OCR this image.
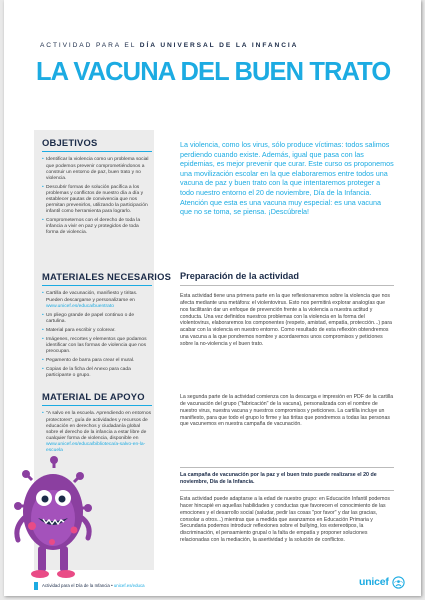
ACTIVIDAD PARA EL DÍA UNIVERSAL DE LA INFANCIA
LA VACUNA DEL BUEN TRATO
OBJETIVOS
• Identificar la violencia como un problema social que podemos prevenir comprometiéndonos a construir un entorno de paz, buen trato y no violencia.
• Descubrir formas de solución pacífica a los problemas y conflictos de nuestro día a día y establecer pautas de convivencia que nos permitan prevenirlos, utilizando la participación infantil como herramienta para lograrlo.
• Comprometernos con el derecho de toda la infancia a vivir en paz y protegidos de toda forma de violencia.
MATERIALES NECESARIOS
• Cartilla de vacunación, manifiesto y tiritas. Pueden descargarse y personalizarse en
www.unicef.es/educa/buentrato
• Un pliego grande de papel continuo o de cartulina.
• Material para escribir y colorear.
• Imágenes, recortes y elementos que podamos identificar con las formas de violencia que nos preocupan.
• Pegamento de barra para crear el mural.
• Copias de la ficha del Anexo para cada participante o grupo.
MATERIAL DE APOYO
• "A salvo en la escuela. Aprendiendo en entornos protectores", guía de actividades y recursos de educación en derechos y ciudadanía global sobre el derecho de la infancia a estar libre de cualquier forma de violencia, disponible en
www.unicef.es/educa/biblioteca/a-salvo-en-la-escuela

La violencia, como los virus, sólo produce víctimas: todos salimos perdiendo cuando existe. Además, igual que pasa con las epidemias, es mejor prevenir que curar. Este curso os proponemos una movilización escolar en la que elaboraremos entre todos una vacuna de paz y buen trato con la que intentaremos proteger a todo nuestro entorno el 20 de noviembre, Día de la Infancia. Atención que esta es una vacuna muy especial: es una vacuna que no se toma, se piensa. ¡Descúbrela!

Preparación de la actividad

Esta actividad tiene una primera parte en la que reflexionaremos sobre la violencia que nos afecta mediante una metáfora: el violentovirus. Esto nos permitirá explorar analogías que nos facilitarán dar un enfoque de prevención frente a la violencia a nuestra actitud y conducta. Una vez definidos nuestros problemas con la violencia en la forma del violentovirus, elaboraremos los componentes (respeto, amistad, empatía, protección...) para acabar con la violencia en nuestro entorno. Como resultado de esta reflexión obtendremos una vacuna a la que pondremos nombre y acordaremos unos compromisos y peticiones sobre la no-violencia y el buen trato.

La segunda parte de la actividad comienza con la descarga e impresión en PDF de la cartilla de vacunación del grupo ("fabricación" de la vacuna), personalizada con el nombre de nuestro virus, nuestra vacuna y nuestros compromisos y peticiones. La cartilla incluye un manifiesto, para que todo el grupo lo firme y las tiritas que pondremos a todas las personas que vacunemos en nuestra campaña de vacunación.

La campaña de vacunación por la paz y el buen trato puede realizarse el 20 de noviembre, Día de la Infancia.

Esta actividad puede adaptarse a la edad de nuestro grupo: en Educación Infantil podemos hacer hincapié en aquellas habilidades y conductas que favorecen el conocimiento de las emociones y el desarrollo social (saludar, pedir las cosas "por favor" y dar las gracias, consolar a otros...) mientras que a medida que avanzamos en Educación Primaria y Secundaria podemos introducir reflexiones sobre el bullying, los estereotipos, la discriminación, el pensamiento grupal o la falta de empatía y proponer soluciones relacionadas con la mediación, la asertividad y la solución de conflictos.

Actividad para el Día de la Infancia • unicef.es/educa	unicef
